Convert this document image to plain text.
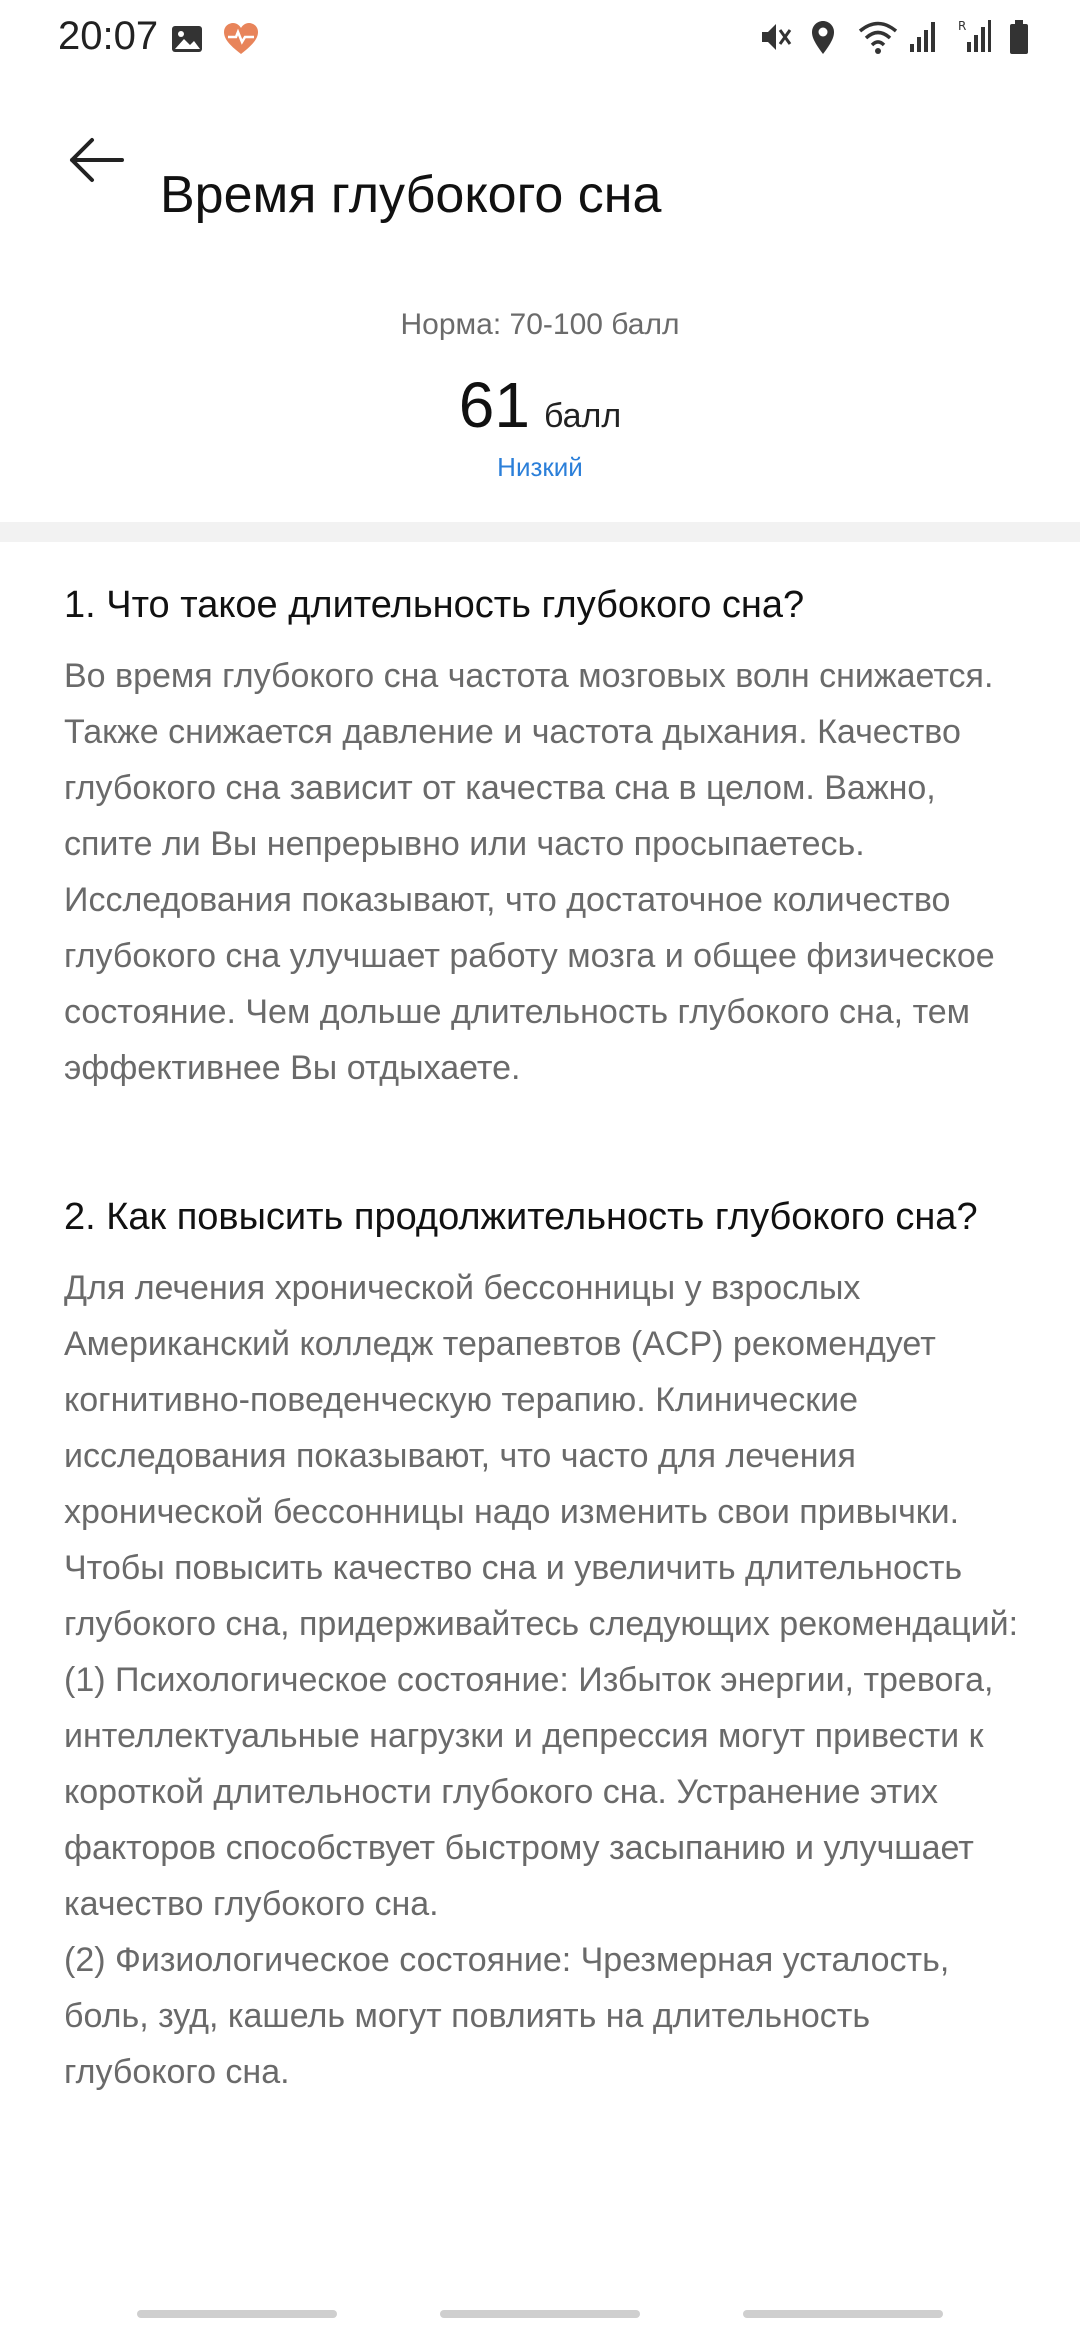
20:07	R
Время глубокого сна
Норма: 70-100 балл
61 балл
Низкий
1. Что такое длительность глубокого сна?

Во время глубокого сна частота мозговых волн снижается. Также снижается давление и частота дыхания. Качество глубокого сна зависит от качества сна в целом. Важно, спите ли Вы непрерывно или часто просыпаетесь. Исследования показывают, что достаточное количество глубокого сна улучшает работу мозга и общее физическое состояние. Чем дольше длительность глубокого сна, тем эффективнее Вы отдыхаете.

2. Как повысить продолжительность глубокого сна?

Для лечения хронической бессонницы у взрослых Американский колледж терапевтов (ACP) рекомендует когнитивно-поведенческую терапию. Клинические исследования показывают, что часто для лечения хронической бессонницы надо изменить свои привычки. Чтобы повысить качество сна и увеличить длительность глубокого сна, придерживайтесь следующих рекомендаций:

(1) Психологическое состояние: Избыток энергии, тревога, интеллектуальные нагрузки и депрессия могут привести к короткой длительности глубокого сна. Устранение этих факторов способствует быстрому засыпанию и улучшает качество глубокого сна.

(2) Физиологическое состояние: Чрезмерная усталость, боль, зуд, кашель могут повлиять на длительность глубокого сна.
